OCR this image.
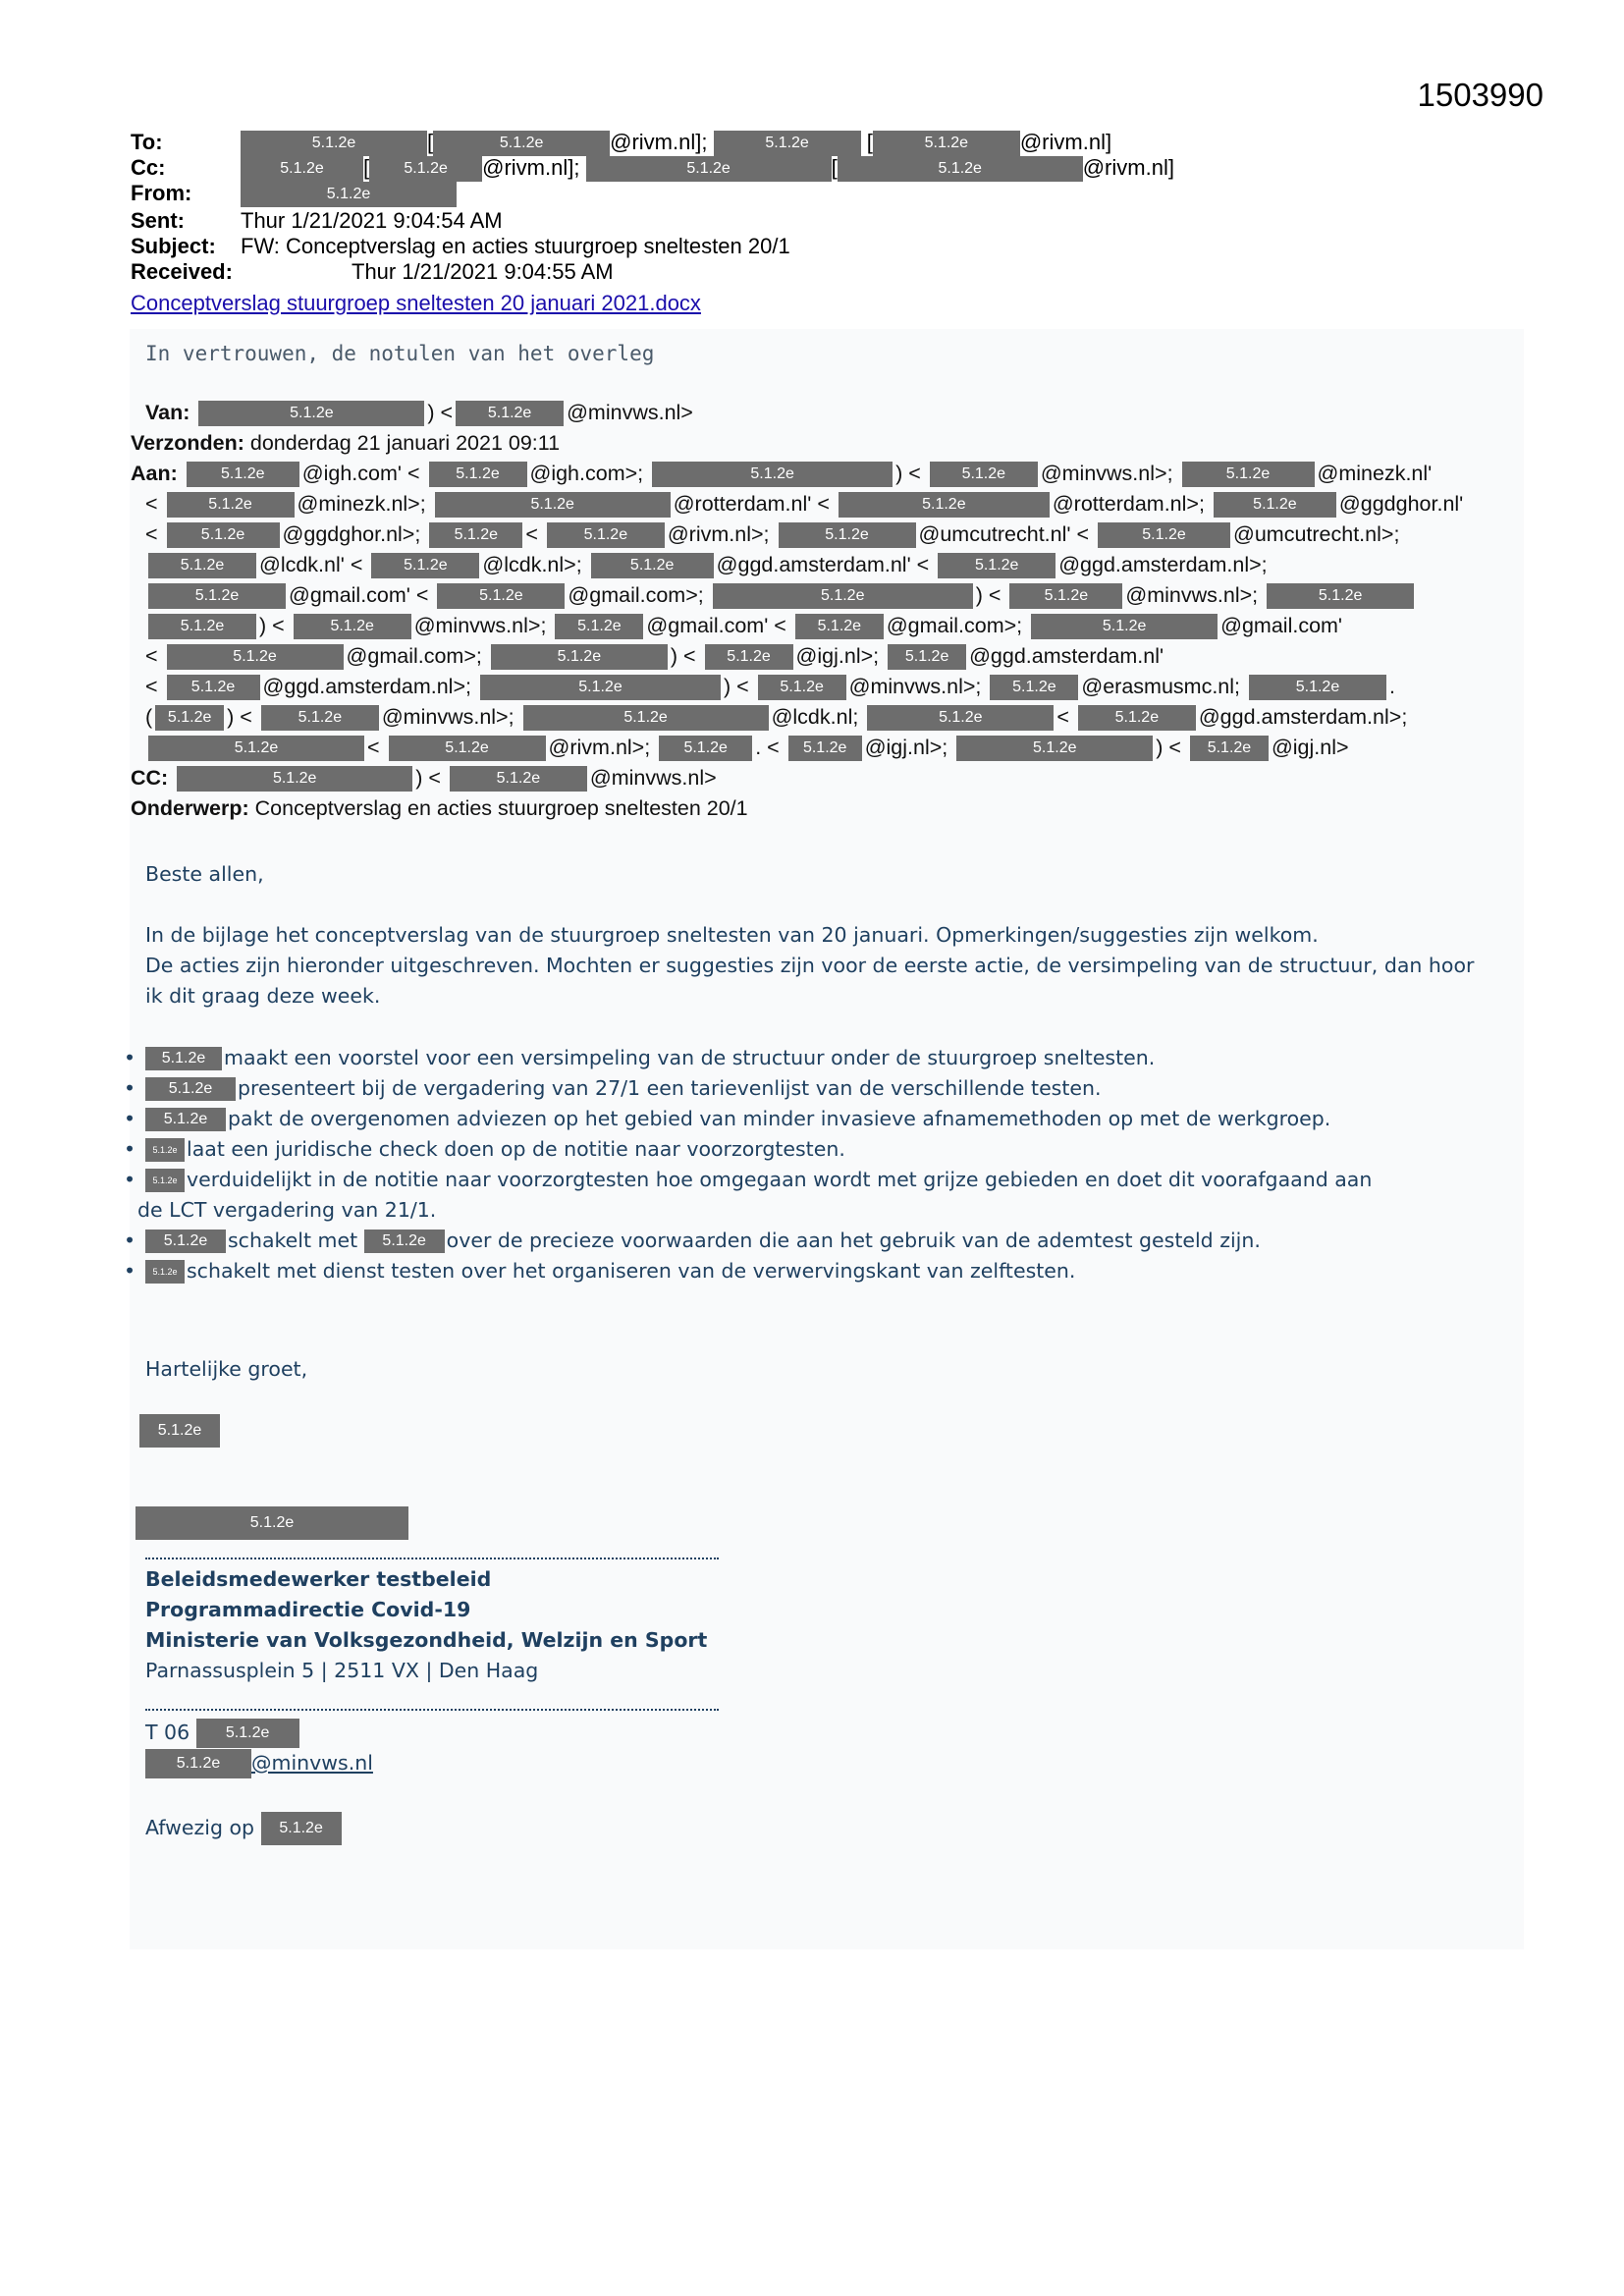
1503990
To:	5.1.2e	[	5.1.2e	@rivm.nl];	5.1.2e	[	5.1.2e @rivm.nl]
Cc:	5.1.2e [ 5.1.2e @rivm.nl];	5.1.2e	[	5.1.2e	@rivm.nl]
From:	5.1.2e
Sent:	Thur 1/21/2021 9:04:54 AM
Subject: FW: Conceptverslag en acties stuurgroep sneltesten 20/1
Received:	Thur 1/21/2021 9:04:55 AM
Conceptverslag stuurgroep sneltesten 20 januari 2021.docx
In vertrouwen, de notulen van het overleg
Van:	5.1.2e	) < 5.1.2e @minvws.nl>
Verzonden: donderdag 21 januari 2021 09:11
Aan:	5.1.2e @igh.com' < 5.1.2e @igh.com>;	5.1.2e	) <	5.1.2e @minvws.nl>;	5.1.2e @minezk.nl'
<	5.1.2e @minezk.nl>;	5.1.2e	@rotterdam.nl' <	5.1.2e	@rotterdam.nl>;	5.1.2e @ggdghor.nl'
<	5.1.2e @ggdghor.nl>; 5.1.2e <	5.1.2e @rivm.nl>;	5.1.2e @umcutrecht.nl' <	5.1.2e @umcutrecht.nl>;
5.1.2e @lcdk.nl' <	5.1.2e @lcdk.nl>;	5.1.2e @ggd.amsterdam.nl' <	5.1.2e @ggd.amsterdam.nl>;
5.1.2e @gmail.com' <	5.1.2e @gmail.com>;	5.1.2e	) <	5.1.2e @minvws.nl>;	5.1.2e
5.1.2e ) <	5.1.2e @minvws.nl>; 5.1.2e @gmail.com' < 5.1.2e @gmail.com>;	5.1.2e	@gmail.com'
<	5.1.2e	@gmail.com>;	5.1.2e	) < 5.1.2e @igj.nl>; 5.1.2e @ggd.amsterdam.nl'
< 5.1.2e @ggd.amsterdam.nl>;	5.1.2e	) < 5.1.2e @minvws.nl>; 5.1.2e @erasmusmc.nl;	5.1.2e .
( 5.1.2e ) <	5.1.2e @minvws.nl>;	5.1.2e	@lcdk.nl;	5.1.2e	<	5.1.2e @ggd.amsterdam.nl>;
5.1.2e	<	5.1.2e	@rivm.nl>; 5.1.2e . < 5.1.2e @igj.nl>;	5.1.2e	) < 5.1.2e @igj.nl>
CC:	5.1.2e	) <	5.1.2e @minvws.nl>
Onderwerp: Conceptverslag en acties stuurgroep sneltesten 20/1

Beste allen,

In de bijlage het conceptverslag van de stuurgroep sneltesten van 20 januari. Opmerkingen/suggesties zijn welkom.

De acties zijn hieronder uitgeschreven. Mochten er suggesties zijn voor de eerste actie, de versimpeling van de structuur, dan hoor

ik dit graag deze week.

• 5.1.2e maakt een voorstel voor een versimpeling van de structuur onder de stuurgroep sneltesten.
• 5.1.2e presenteert bij de vergadering van 27/1 een tarievenlijst van de verschillende testen.
• 5.1.2e pakt de overgenomen adviezen op het gebied van minder invasieve afnamemethoden op met de werkgroep.
• 5.1.2e laat een juridische check doen op de notitie naar voorzorgtesten.
• 5.1.2e verduidelijkt in de notitie naar voorzorgtesten hoe omgegaan wordt met grijze gebieden en doet dit voorafgaand aan
de LCT vergadering van 21/1.
• 5.1.2e schakelt met 5.1.2e over de precieze voorwaarden die aan het gebruik van de ademtest gesteld zijn.
• 5.1.2e schakelt met dienst testen over het organiseren van de verwervingskant van zelftesten.
Hartelijke groet,
5.1.2e
5.1.2e
Beleidsmedewerker testbeleid
Programmadirectie Covid-19
Ministerie van Volksgezondheid, Welzijn en Sport
Parnassusplein 5 | 2511 VX | Den Haag
T 06 5.1.2e
5.1.2e @minvws.nl
Afwezig op 5.1.2e
